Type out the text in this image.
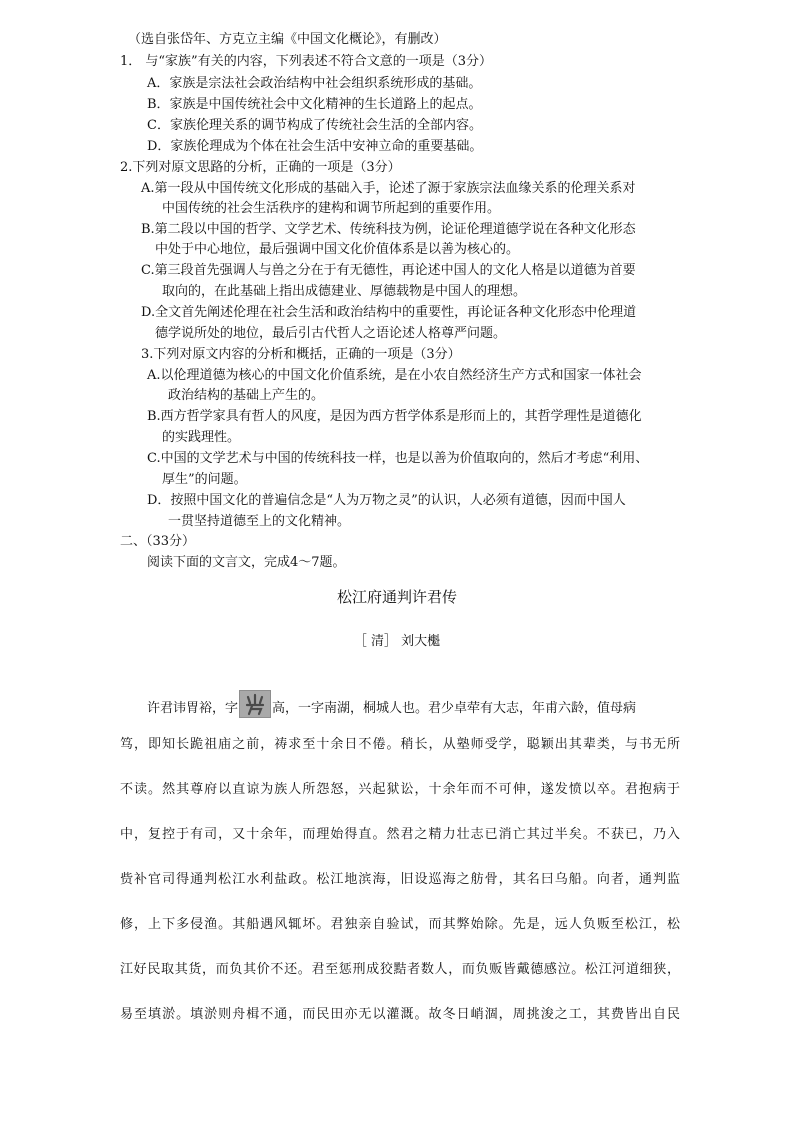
（选自张岱年、方克立主编《中国文化概论》，有删改）
1． 与“家族”有关的内容，下列表述不符合文意的一项是（3分）
A．家族是宗法社会政治结构中社会组织系统形成的基础。
B．家族是中国传统社会中文化精神的生长道路上的起点。
C．家族伦理关系的调节构成了传统社会生活的全部内容。
D．家族伦理成为个体在社会生活中安神立命的重要基础。
2.下列对原文思路的分析，正确的一项是（3分）
A.第一段从中国传统文化形成的基础入手，论述了源于家族宗法血缘关系的伦理关系对
中国传统的社会生活秩序的建构和调节所起到的重要作用。
B.第二段以中国的哲学、文学艺术、传统科技为例，论证伦理道德学说在各种文化形态
中处于中心地位，最后强调中国文化价值体系是以善为核心的。
C.第三段首先强调人与兽之分在于有无德性，再论述中国人的文化人格是以道德为首要
取向的，在此基础上指出成德建业、厚德载物是中国人的理想。
D.全文首先阐述伦理在社会生活和政治结构中的重要性，再论证各种文化形态中伦理道
德学说所处的地位，最后引古代哲人之语论述人格尊严问题。
3.下列对原文内容的分析和概括，正确的一项是（3分）
A.以伦理道德为核心的中国文化价值系统，是在小农自然经济生产方式和国家一体社会
政治结构的基础上产生的。
B.西方哲学家具有哲人的风度，是因为西方哲学体系是形而上的，其哲学理性是道德化
的实践理性。
C.中国的文学艺术与中国的传统科技一样，也是以善为价值取向的，然后才考虑“利用、
厚生”的问题。
D．按照中国文化的普遍信念是“人为万物之灵”的认识，人必须有道德，因而中国人
一贯坚持道德至上的文化精神。
二、（33分）
阅读下面的文言文，完成4～7题。
松江府通判许君传
［ 清］ 刘大櫆
许君讳胃裕，字	高，一字南湖，桐城人也。君少卓荦有大志，年甫六龄，值母病
笃，即知长跪祖庙之前，祷求至十余日不倦。稍长，从塾师受学，聪颖出其辈类，与书无所
不读。然其尊府以直谅为族人所怨怒，兴起狱讼，十余年而不可伸，遂发愤以卒。君抱病于
中，复控于有司，又十余年，而理始得直。然君之精力壮志已消亡其过半矣。不获已，乃入
赀补官司得通判松江水利盐政。松江地滨海，旧设巡海之舫骨，其名曰乌船。向者，通判监
修，上下多侵渔。其船遇风辄坏。君独亲自验试，而其弊始除。先是，远人负贩至松江，松
江好民取其货，而负其价不还。君至惩刑成狡黠者数人，而负贩皆戴德感泣。松江河道细狭，
易至填淤。填淤则舟楫不通，而民田亦无以灌溉。故冬日峭涸，周挑浚之工，其费皆出自民
